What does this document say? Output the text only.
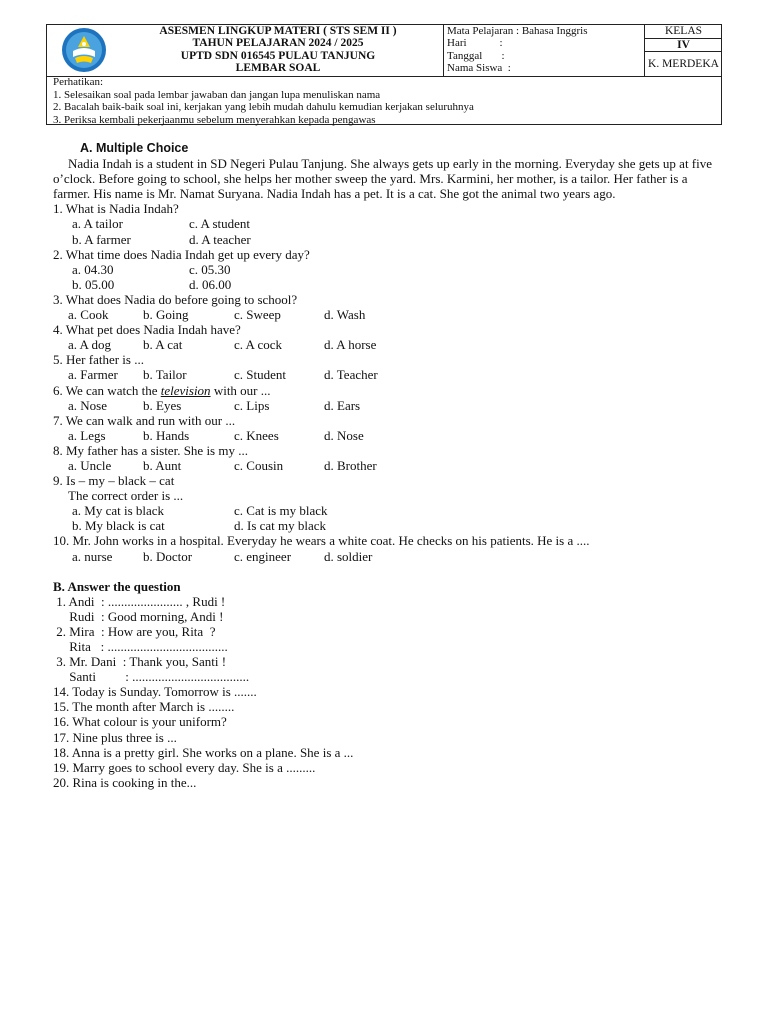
ASESMEN LINGKUP MATERI ( STS SEM II )
TAHUN PELAJARAN 2024 / 2025
UPTD SDN 016545 PULAU TANJUNG
LEMBAR SOAL
Mata Pelajaran : Bahasa Inggris
Hari            :
Tanggal       :
Nama Siswa  :
KELAS
IV
K. MERDEKA
Perhatikan:
1. Selesaikan soal pada lembar jawaban dan jangan lupa menuliskan nama
2. Bacalah baik-baik soal ini, kerjakan yang lebih mudah dahulu kemudian kerjakan seluruhnya
3. Periksa kembali pekerjaanmu sebelum menyerahkan kepada pengawas
A. Multiple Choice

Nadia Indah is a student in SD Negeri Pulau Tanjung. She always gets up early in the morning. Everyday she gets up at five o’clock. Before going to school, she helps her mother sweep the yard. Mrs. Karmini, her mother, is a tailor. Her father is a farmer. His name is Mr. Namat Suryana. Nadia Indah has a pet. It is a cat. She got the animal two years ago.

1. What is Nadia Indah?
a. A tailor	c. A student
b. A farmer	d. A teacher
2. What time does Nadia Indah get up every day?
a. 04.30	c. 05.30
b. 05.00	d. 06.00
3. What does Nadia do before going to school?
a. Cook	b. Going	c. Sweep	d. Wash
4. What pet does Nadia Indah have?
a. A dog b. A cat	c. A cock	d. A horse
5. Her father is ...
a. Farmer b. Tailor	c. Student	d. Teacher
6. We can watch the television with our ...
a. Nose	b. Eyes	c. Lips	d. Ears
7. We can walk and run with our ...
a. Legs	b. Hands	c. Knees	d. Nose
8. My father has a sister. She is my ...
a. Uncle b. Aunt	c. Cousin	d. Brother
9. Is – my – black – cat
The correct order is ...
a. My cat is black	c. Cat is my black
b. My black is cat	d. Is cat my black
10. Mr. John works in a hospital. Everyday he wears a white coat. He checks on his patients. He is a ....
a. nurse b. Doctor	c. engineer	d. soldier
B. Answer the question
1. Andi  : ....................... , Rudi !
Rudi  : Good morning, Andi !
2. Mira  : How are you, Rita  ?
Rita   : .....................................
3. Mr. Dani  : Thank you, Santi !
Santi         : ....................................
14. Today is Sunday. Tomorrow is .......
15. The month after March is ........
16. What colour is your uniform?
17. Nine plus three is ...
18. Anna is a pretty girl. She works on a plane. She is a ...
19. Marry goes to school every day. She is a .........
20. Rina is cooking in the...
